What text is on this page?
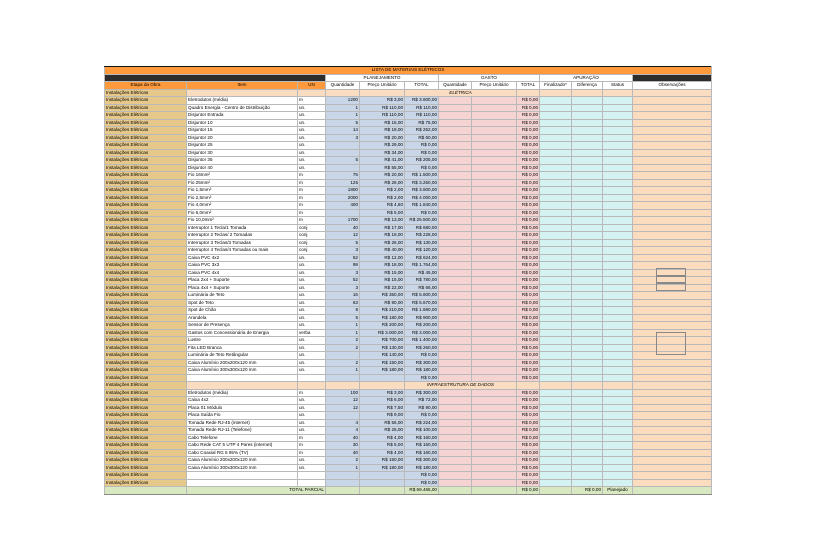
LISTA DE MATERIAIS ELÉTRICOS												
			PLANEJAMENTO			GASTO			APURAÇÃO			
Etapa da Obra	Item	UN	Quantidade	Preço Unitário	TOTAL	Quantidade	Preço Unitário	TOTAL	Finalizado*	Diferença	Status	Observações
Instalações Elétricas					ELÉTRICA							
Instalações Elétricas	Eletrodutos (média)	m	1200	R$ 3,00	R$ 3.600,00			R$ 0,00				
Instalações Elétricas	Quadro Energia - Centro de Distribuição	un.	1	R$ 110,00	R$ 110,00			R$ 0,00				
Instalações Elétricas	Disjuntor Entrada	un.	1	R$ 110,00	R$ 110,00			R$ 0,00				
Instalações Elétricas	Disjuntor 10	un.	5	R$ 15,00	R$ 75,00			R$ 0,00				
Instalações Elétricas	Disjuntor 15	un.	14	R$ 18,00	R$ 252,00			R$ 0,00				
Instalações Elétricas	Disjuntor 20	un.	3	R$ 20,00	R$ 60,00			R$ 0,00				
Instalações Elétricas	Disjuntor 25	un.		R$ 29,00	R$ 0,00			R$ 0,00				
Instalações Elétricas	Disjuntor 30	un.		R$ 34,00	R$ 0,00			R$ 0,00				
Instalações Elétricas	Disjuntor 35	un.	5	R$ 41,00	R$ 205,00			R$ 0,00				
Instalações Elétricas	Disjuntor 40	un.		R$ 55,00	R$ 0,00			R$ 0,00				
Instalações Elétricas	Fio 16mm²	m	75	R$ 20,00	R$ 1.500,00			R$ 0,00				
Instalações Elétricas	Fio 25mm²	m	125	R$ 26,00	R$ 3.250,00			R$ 0,00				
Instalações Elétricas	Fio 1,5mm²	m	1800	R$ 2,00	R$ 3.600,00			R$ 0,00				
Instalações Elétricas	Fio 2,5mm²	m	2000	R$ 2,00	R$ 4.000,00			R$ 0,00				
Instalações Elétricas	Fio 4,0mm²	m	400	R$ 4,60	R$ 1.840,00			R$ 0,00				
Instalações Elétricas	Fio 6,0mm²	m		R$ 5,00	R$ 0,00			R$ 0,00				
Instalações Elétricas	Fio 10,0mm²	m	1700	R$ 13,00	R$ 25.500,00			R$ 0,00				
Instalações Elétricas	Interruptor 1 Tecla/1 Tomada	conj	40	R$ 17,00	R$ 680,00			R$ 0,00				
Instalações Elétricas	Interruptor 2 Teclas/ 2 Tomadas	conj	12	R$ 19,00	R$ 228,00			R$ 0,00				
Instalações Elétricas	Interruptor 3 Teclas/3 Tomadas	conj	5	R$ 26,00	R$ 130,00			R$ 0,00				
Instalações Elétricas	Interruptor 4 Teclas/4 Tomadas ou mais	conj	3	R$ 40,00	R$ 120,00			R$ 0,00				
Instalações Elétricas	Caixa PVC 4x2	un.	52	R$ 12,00	R$ 624,00			R$ 0,00				
Instalações Elétricas	Caixa PVC 3x3	un.	98	R$ 18,00	R$ 1.764,00			R$ 0,00				
Instalações Elétricas	Caixa PVC 4x4	un.	3	R$ 15,00	R$ 45,00			R$ 0,00				
Instalações Elétricas	Placa 2x4 + Suporte	un.	52	R$ 15,00	R$ 780,00			R$ 0,00				
Instalações Elétricas	Placa 4x4 + Suporte	un.	3	R$ 22,00	R$ 66,00			R$ 0,00				
Instalações Elétricas	Luminária de Teto	un.	16	R$ 350,00	R$ 5.600,00			R$ 0,00				
Instalações Elétricas	Spot de Teto	un.	63	R$ 90,00	R$ 5.670,00			R$ 0,00				
Instalações Elétricas	Spot de Chão	un.	8	R$ 210,00	R$ 1.680,00			R$ 0,00				
Instalações Elétricas	Arandela	un.	5	R$ 180,00	R$ 900,00			R$ 0,00				
Instalações Elétricas	Sensor de Presença	un.	1	R$ 200,00	R$ 200,00			R$ 0,00				
Instalações Elétricas	Gastos com Concessionária de Energia	verba	1	R$ 3.000,00	R$ 3.000,00			R$ 0,00				
Instalações Elétricas	Lustre	un.	2	R$ 700,00	R$ 1.400,00			R$ 0,00				
Instalações Elétricas	Fita LED Branca	un.	2	R$ 130,00	R$ 260,00			R$ 0,00				
Instalações Elétricas	Luminária de Teto Retângular	un.		R$ 140,00	R$ 0,00			R$ 0,00				
Instalações Elétricas	Caixa Alumínio 200x200x120 mm	un.	2	R$ 150,00	R$ 300,00			R$ 0,00				
Instalações Elétricas	Caixa Alumínio 300x300x120 mm	un.	1	R$ 180,00	R$ 180,00			R$ 0,00				
Instalações Elétricas					R$ 0,00			R$ 0,00				
Instalações Elétricas					INFRAESTRUTURA DE DADOS							
Instalações Elétricas	Eletrodutos (média)	m	100	R$ 3,00	R$ 300,00			R$ 0,00				
Instalações Elétricas	Caixa 4x2	un.	12	R$ 6,00	R$ 72,00			R$ 0,00				
Instalações Elétricas	Placa 01 Módulo	un.	12	R$ 7,50	R$ 90,00			R$ 0,00				
Instalações Elétricas	Placa Saída Fio	un.		R$ 9,00	R$ 0,00			R$ 0,00				
Instalações Elétricas	Tomada Rede RJ-45 (internet)	un.	4	R$ 56,00	R$ 224,00			R$ 0,00				
Instalações Elétricas	Tomada Rede RJ-11 (Telefone)	un.	4	R$ 25,00	R$ 100,00			R$ 0,00				
Instalações Elétricas	Cabo Telefone	m	40	R$ 4,00	R$ 160,00			R$ 0,00				
Instalações Elétricas	Cabo Rede CAT 5 UTP 4 Pares (internet)	m	30	R$ 5,00	R$ 150,00			R$ 0,00				
Instalações Elétricas	Cabo Coaxial RG 6 95% (TV)	m	40	R$ 4,00	R$ 160,00			R$ 0,00				
Instalações Elétricas	Caixa Alumínio 200x200x120 mm	un.	2	R$ 150,00	R$ 300,00			R$ 0,00				
Instalações Elétricas	Caixa Alumínio 300x300x120 mm	un.	1	R$ 180,00	R$ 180,00			R$ 0,00				
Instalações Elétricas					R$ 0,00			R$ 0,00				
Instalações Elétricas					R$ 0,00			R$ 0,00				
	TOTAL PARCIAL				R$ 69.465,00			R$ 0,00		R$ 0,00	Planejado	
